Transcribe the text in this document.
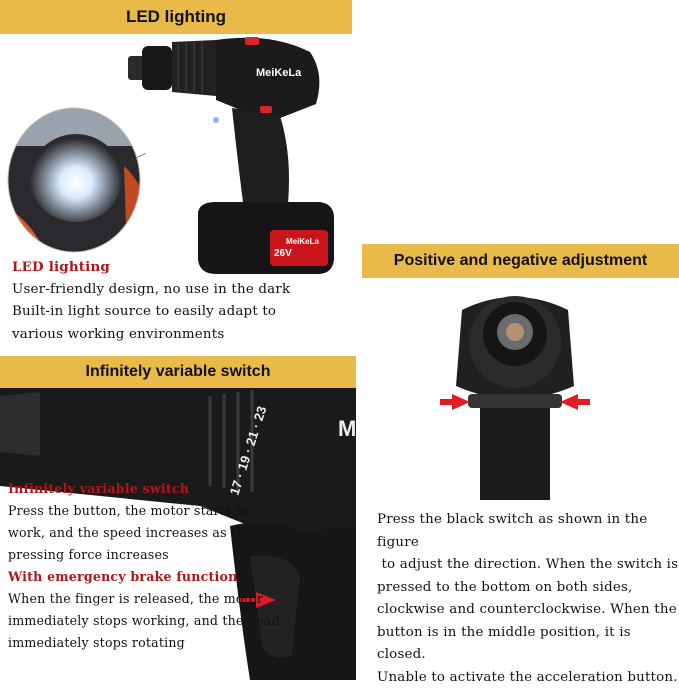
LED lighting
MeiKeLa
26V
MeiKeLa
LED lighting
User-friendly design, no use in the dark
Built-in light source to easily adapt to
various working environments
Positive and negative adjustment
Press the black switch as shown in the figure
to adjust the direction. When the switch is
pressed to the bottom on both sides,
clockwise and counterclockwise. When the
button is in the middle position, it is closed.
Unable to activate the acceleration button.
17 · 19 · 21 · 23	M
Infinitely variable switch
Infinitely variable switch
Press the button, the motor starts to
work, and the speed increases as the
pressing force increases
With emergency brake function
When the finger is released, the motor
immediately stops working, and the head
immediately stops rotating
